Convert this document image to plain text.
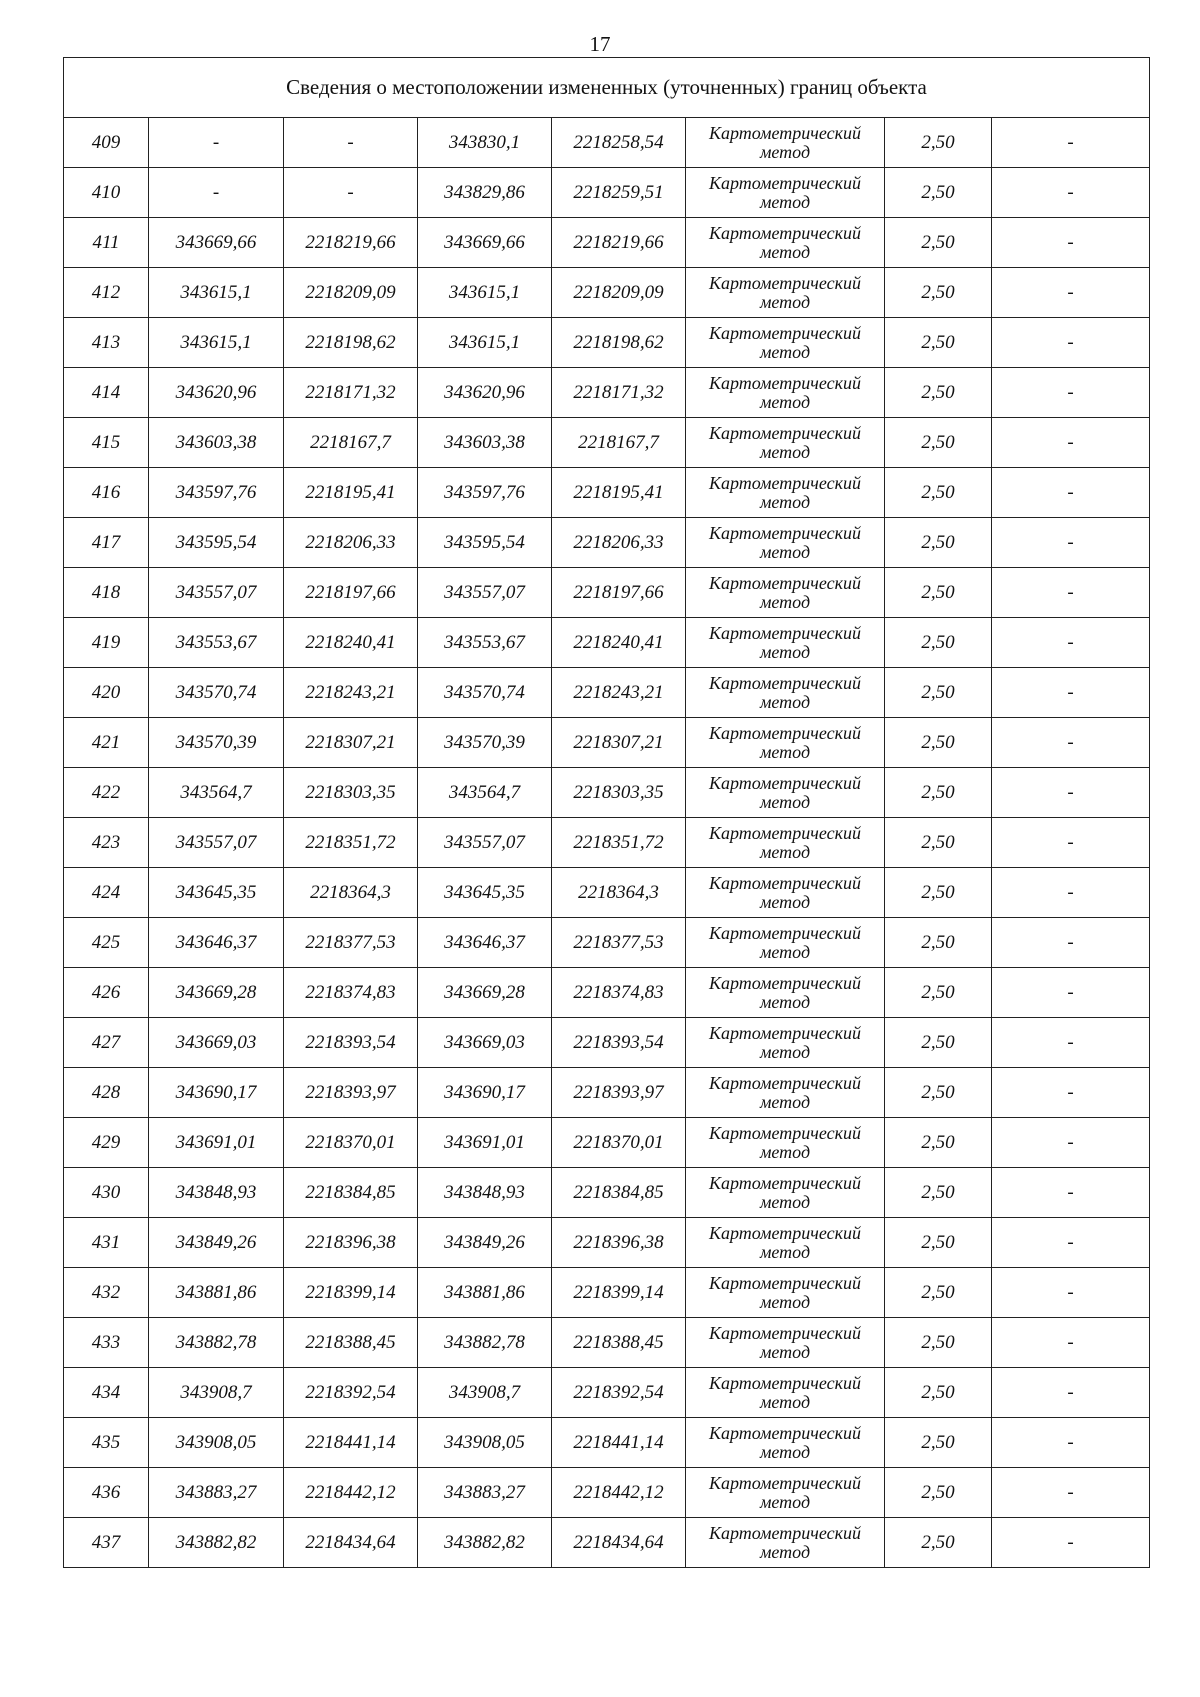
17
Сведения о местоположении измененных (уточненных) границ объекта							
409	-	-	343830,1	2218258,54	Картометрический метод	2,50	-
410	-	-	343829,86	2218259,51	Картометрический метод	2,50	-
411	343669,66	2218219,66	343669,66	2218219,66	Картометрический метод	2,50	-
412	343615,1	2218209,09	343615,1	2218209,09	Картометрический метод	2,50	-
413	343615,1	2218198,62	343615,1	2218198,62	Картометрический метод	2,50	-
414	343620,96	2218171,32	343620,96	2218171,32	Картометрический метод	2,50	-
415	343603,38	2218167,7	343603,38	2218167,7	Картометрический метод	2,50	-
416	343597,76	2218195,41	343597,76	2218195,41	Картометрический метод	2,50	-
417	343595,54	2218206,33	343595,54	2218206,33	Картометрический метод	2,50	-
418	343557,07	2218197,66	343557,07	2218197,66	Картометрический метод	2,50	-
419	343553,67	2218240,41	343553,67	2218240,41	Картометрический метод	2,50	-
420	343570,74	2218243,21	343570,74	2218243,21	Картометрический метод	2,50	-
421	343570,39	2218307,21	343570,39	2218307,21	Картометрический метод	2,50	-
422	343564,7	2218303,35	343564,7	2218303,35	Картометрический метод	2,50	-
423	343557,07	2218351,72	343557,07	2218351,72	Картометрический метод	2,50	-
424	343645,35	2218364,3	343645,35	2218364,3	Картометрический метод	2,50	-
425	343646,37	2218377,53	343646,37	2218377,53	Картометрический метод	2,50	-
426	343669,28	2218374,83	343669,28	2218374,83	Картометрический метод	2,50	-
427	343669,03	2218393,54	343669,03	2218393,54	Картометрический метод	2,50	-
428	343690,17	2218393,97	343690,17	2218393,97	Картометрический метод	2,50	-
429	343691,01	2218370,01	343691,01	2218370,01	Картометрический метод	2,50	-
430	343848,93	2218384,85	343848,93	2218384,85	Картометрический метод	2,50	-
431	343849,26	2218396,38	343849,26	2218396,38	Картометрический метод	2,50	-
432	343881,86	2218399,14	343881,86	2218399,14	Картометрический метод	2,50	-
433	343882,78	2218388,45	343882,78	2218388,45	Картометрический метод	2,50	-
434	343908,7	2218392,54	343908,7	2218392,54	Картометрический метод	2,50	-
435	343908,05	2218441,14	343908,05	2218441,14	Картометрический метод	2,50	-
436	343883,27	2218442,12	343883,27	2218442,12	Картометрический метод	2,50	-
437	343882,82	2218434,64	343882,82	2218434,64	Картометрический метод	2,50	-
